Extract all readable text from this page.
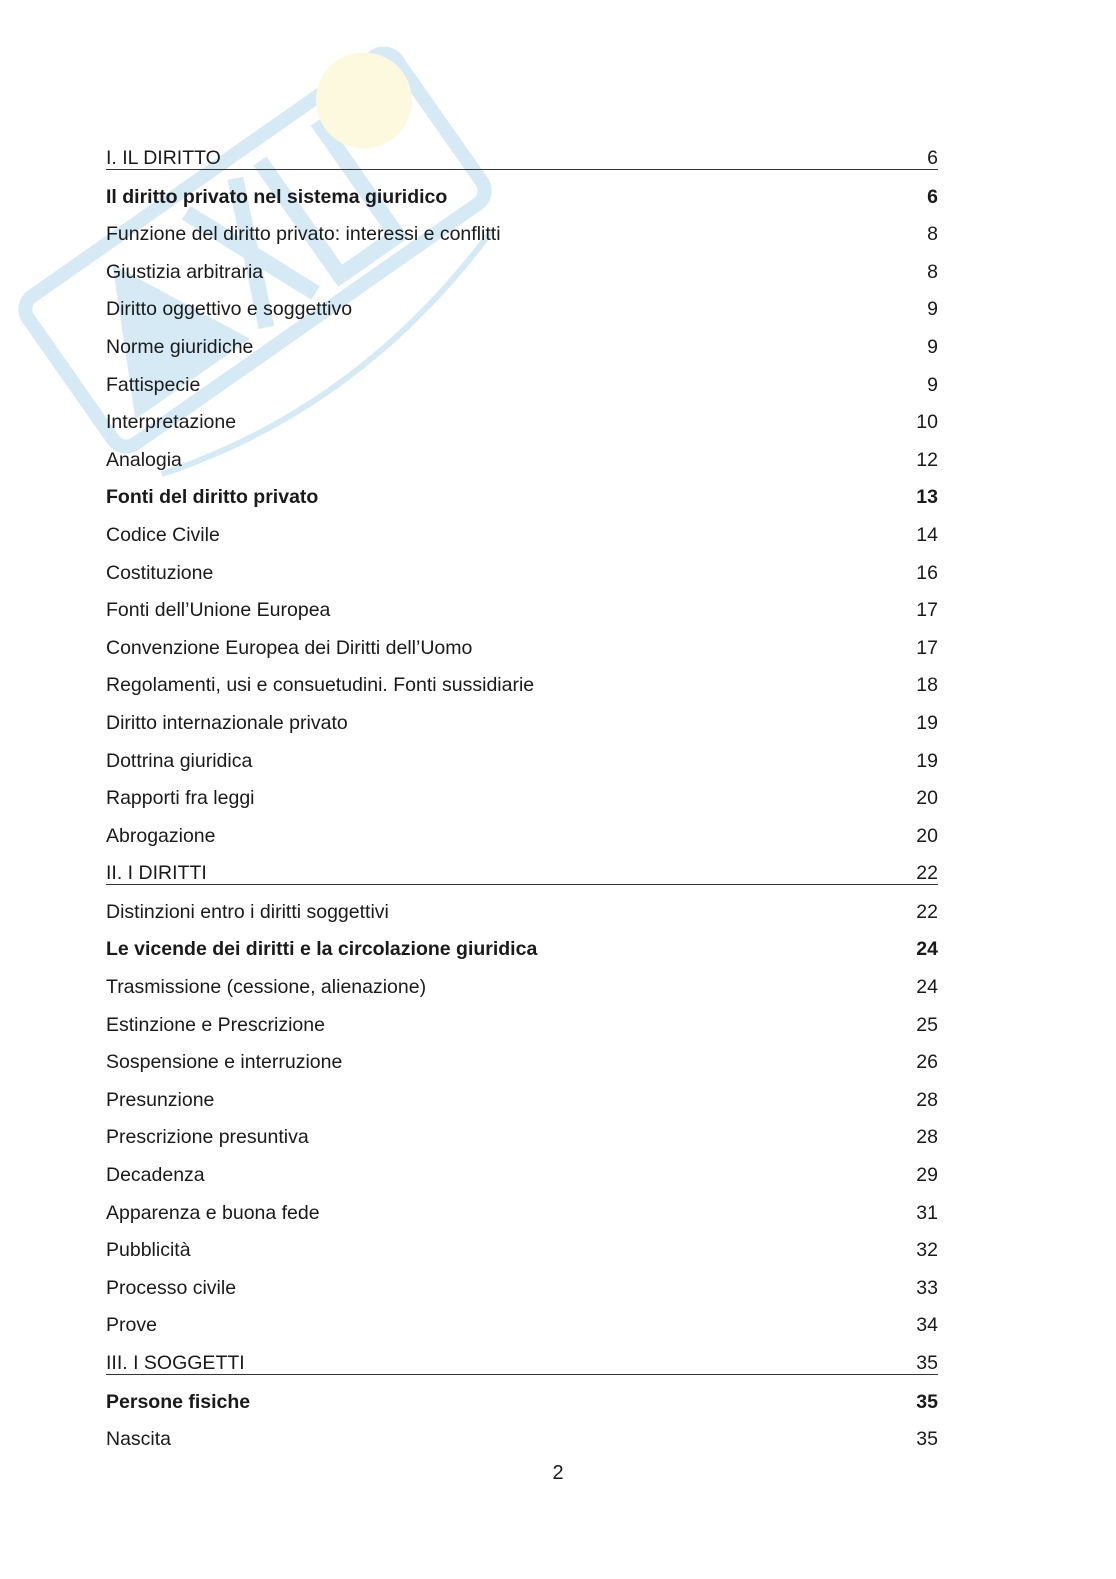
I. IL DIRITTO	6
Il diritto privato nel sistema giuridico	6
Funzione del diritto privato: interessi e conflitti	8
Giustizia arbitraria	8
Diritto oggettivo e soggettivo	9
Norme giuridiche	9
Fattispecie	9
Interpretazione	10
Analogia	12
Fonti del diritto privato	13
Codice Civile	14
Costituzione	16
Fonti dell’Unione Europea	17
Convenzione Europea dei Diritti dell’Uomo	17
Regolamenti, usi e consuetudini. Fonti sussidiarie	18
Diritto internazionale privato	19
Dottrina giuridica	19
Rapporti fra leggi	20
Abrogazione	20
II. I DIRITTI	22
Distinzioni entro i diritti soggettivi	22
Le vicende dei diritti e la circolazione giuridica	24
Trasmissione (cessione, alienazione)	24
Estinzione e Prescrizione	25
Sospensione e interruzione	26
Presunzione	28
Prescrizione presuntiva	28
Decadenza	29
Apparenza e buona fede	31
Pubblicità	32
Processo civile	33
Prove	34
III. I SOGGETTI	35
Persone fisiche	35
Nascita	35
2
